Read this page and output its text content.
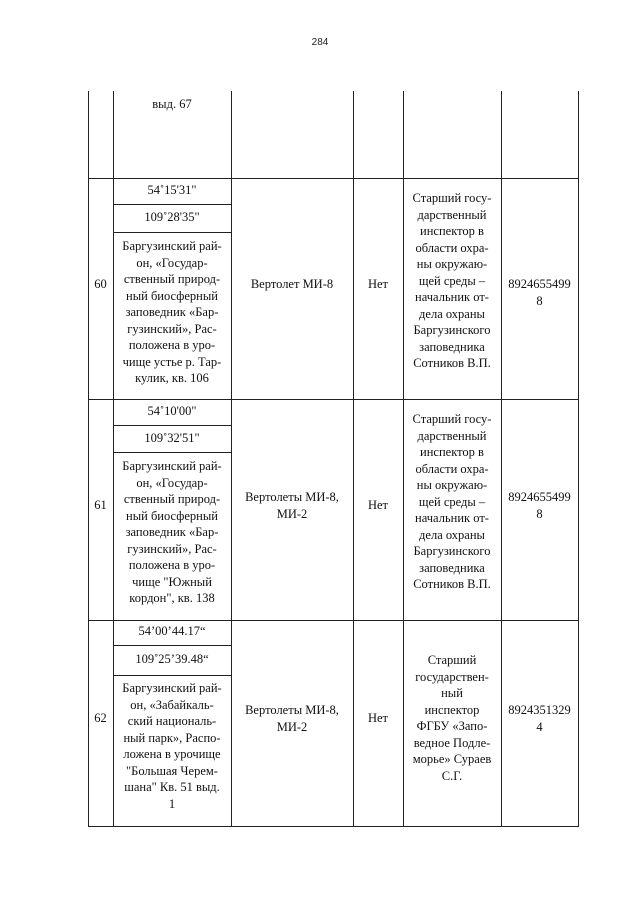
284
выд. 67
60
54˚15'31"
109˚28'35"
Баргузинский рай-
он, «Государ-
ственный природ-
ный биосферный
заповедник «Бар-
гузинский», Рас-
положена в уро-
чище устье р. Тар-
кулик, кв. 106
Вертолет МИ-8	Нет
Старший госу-
дарственный
инспектор в
области охра-
ны окружаю-
щей среды –
начальник от-
дела охраны
Баргузинского
заповедника
Сотников В.П.
8924655499
8
61
54˚10'00"
109˚32'51"
Баргузинский рай-
он, «Государ-
ственный природ-
ный биосферный
заповедник «Бар-
гузинский», Рас-
положена в уро-
чище "Южный
кордон", кв. 138
Вертолеты МИ-8,
МИ-2
Нет
Старший госу-
дарственный
инспектор в
области охра-
ны окружаю-
щей среды –
начальник от-
дела охраны
Баргузинского
заповедника
Сотников В.П.
8924655499
8
62
54’00’44.17“
109˚25’39.48“
Баргузинский рай-
он, «Забайкаль-
ский националь-
ный парк», Распо-
ложена в урочище
"Большая Черем-
шана" Кв. 51 выд.
1
Вертолеты МИ-8,
МИ-2
Нет
Старший
государствен-
ный
инспектор
ФГБУ «Запо-
ведное Подле-
морье» Сураев
С.Г.
8924351329
4
